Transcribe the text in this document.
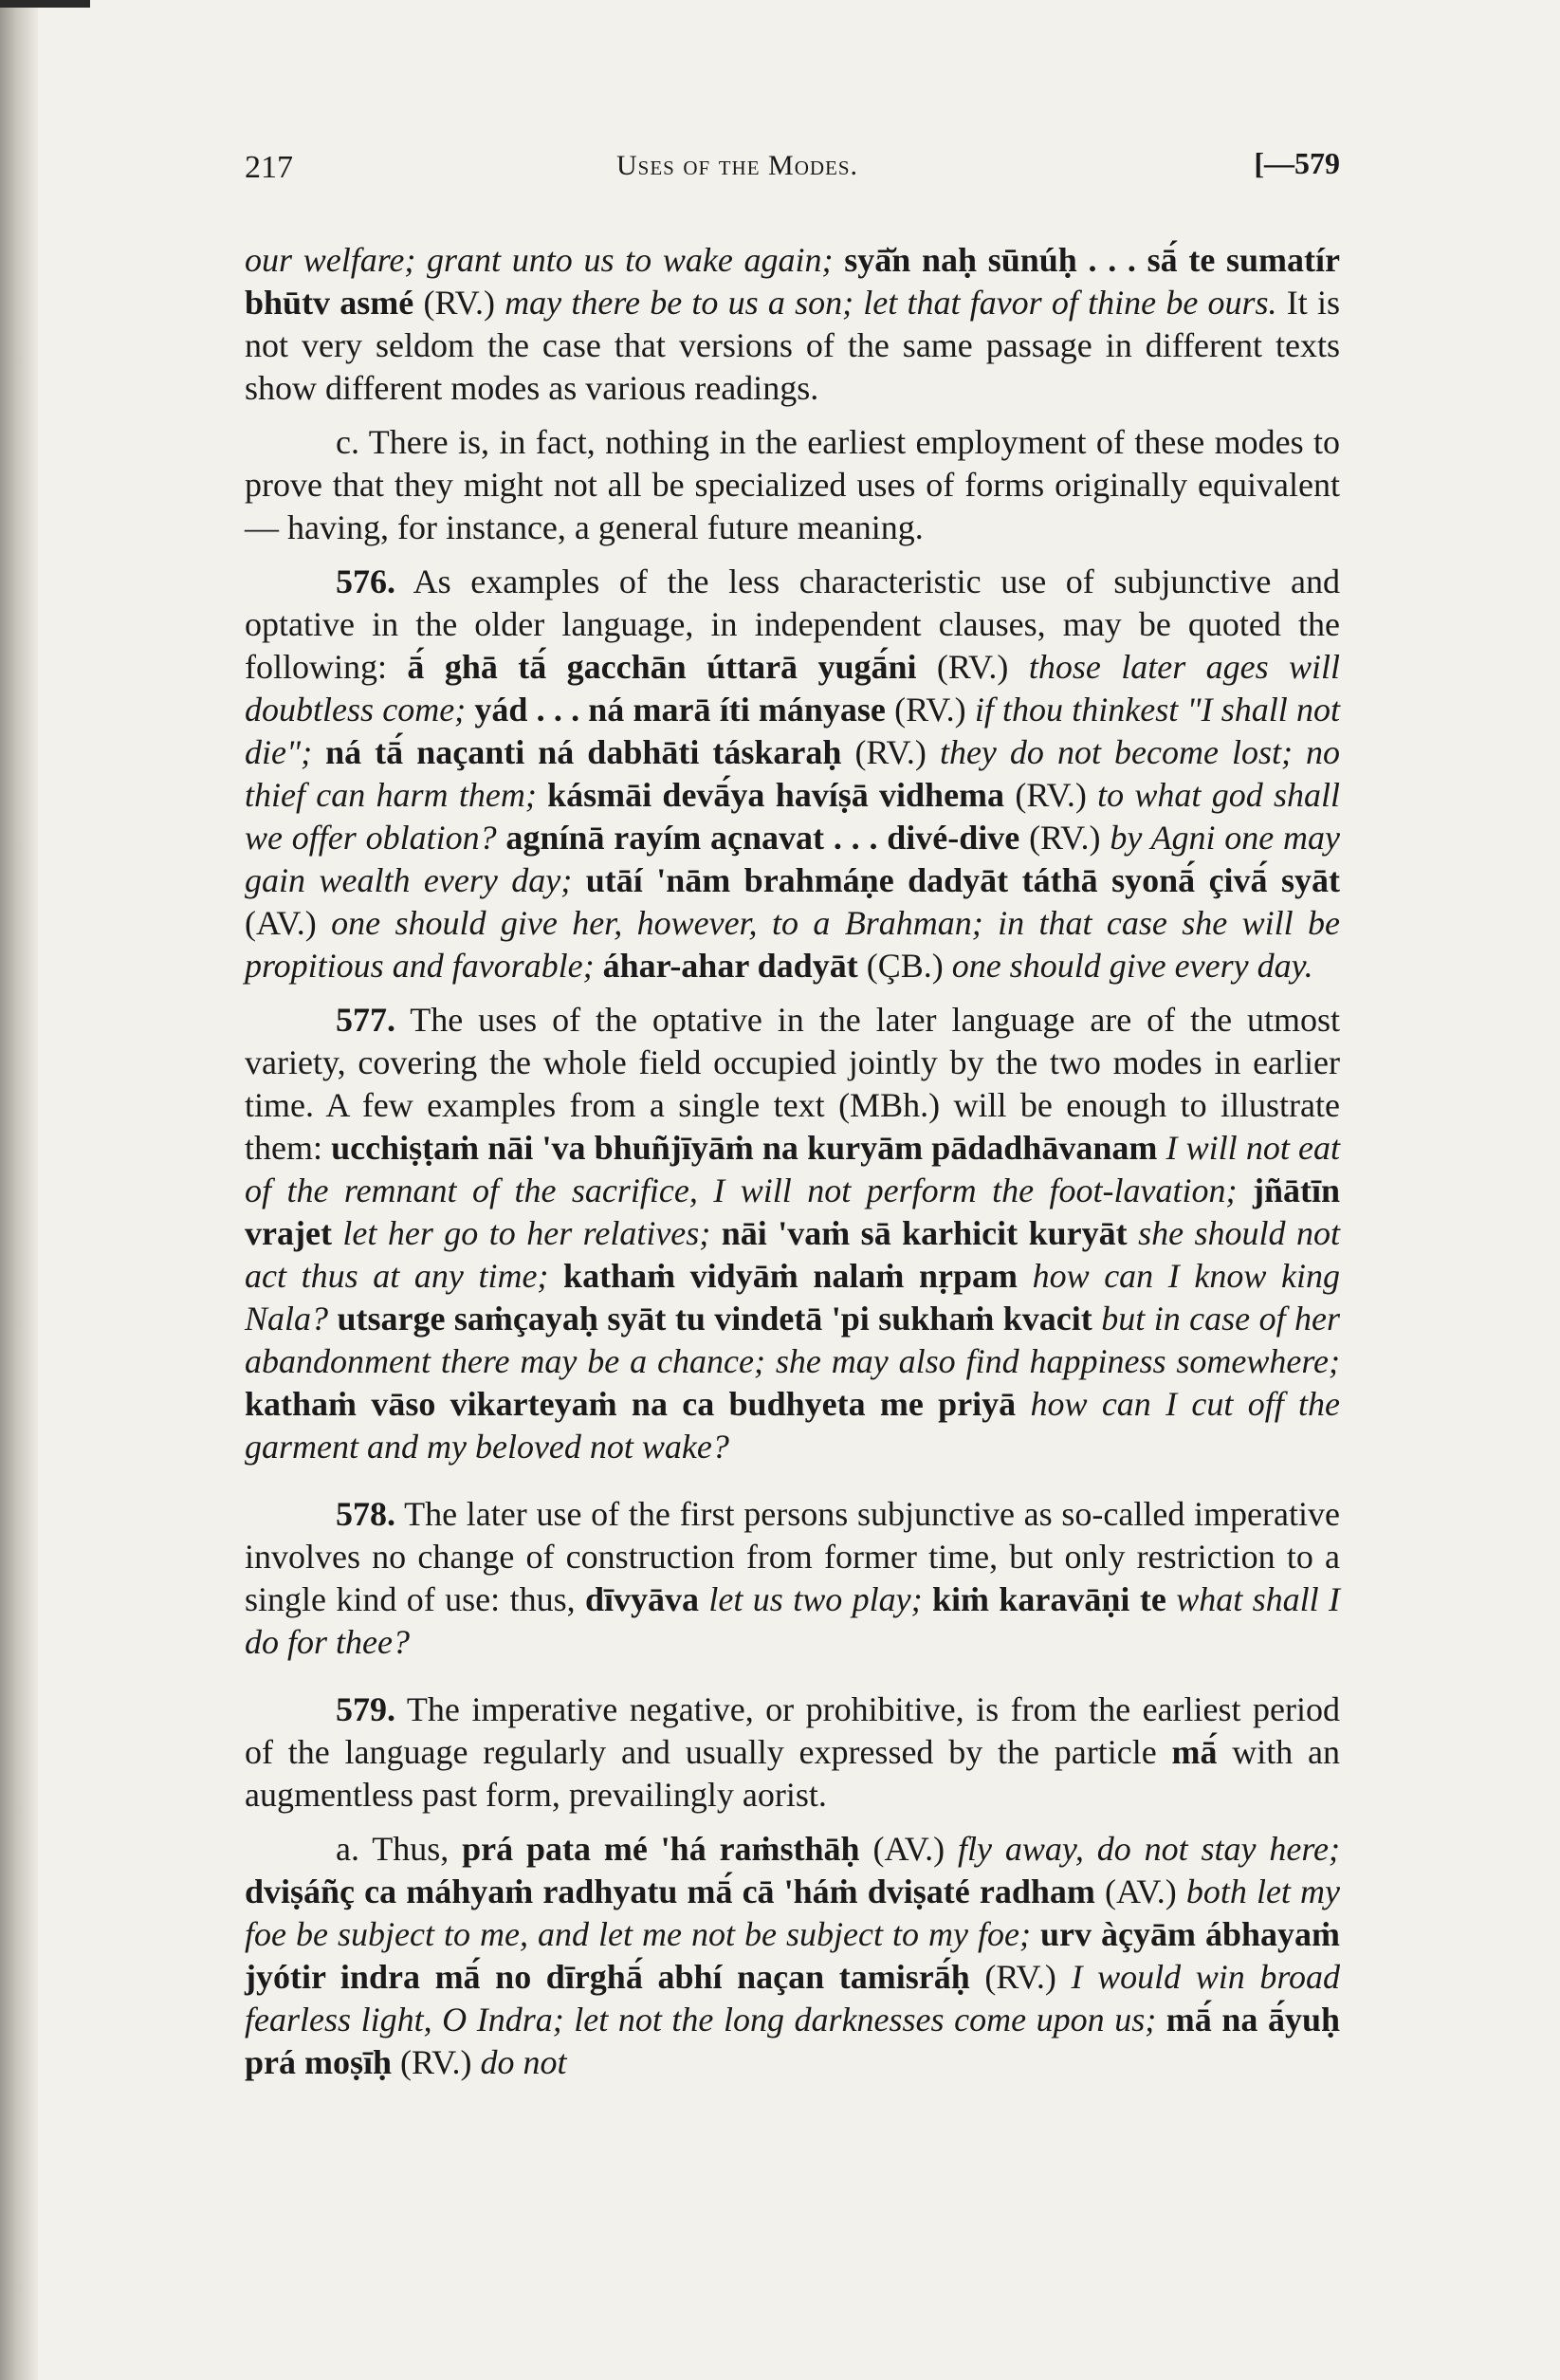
217	Uses of the Modes.	[—579

our welfare; grant unto us to wake again; syā̆n naḥ sūnúḥ . . . sā́ te sumatír bhūtv asmé (RV.) may there be to us a son; let that favor of thine be ours. It is not very seldom the case that versions of the same passage in different texts show different modes as various readings.

c. There is, in fact, nothing in the earliest employment of these modes to prove that they might not all be specialized uses of forms originally equivalent — having, for instance, a general future meaning.

576. As examples of the less characteristic use of subjunctive and optative in the older language, in independent clauses, may be quoted the following: ā́ ghā tā́ gacchān úttarā yugā́ni (RV.) those later ages will doubtless come; yád . . . ná marā íti mányase (RV.) if thou thinkest "I shall not die"; ná tā́ naçanti ná dabhāti táskaraḥ (RV.) they do not become lost; no thief can harm them; kásmāi devā́ya havíṣā vidhema (RV.) to what god shall we offer oblation? agnínā rayím açnavat . . . divé-dive (RV.) by Agni one may gain wealth every day; utāí 'nām brahmáṇe dadyāt táthā syonā́ çivā́ syāt (AV.) one should give her, however, to a Brahman; in that case she will be propitious and favorable; áhar-ahar dadyāt (ÇB.) one should give every day.

577. The uses of the optative in the later language are of the utmost variety, covering the whole field occupied jointly by the two modes in earlier time. A few examples from a single text (MBh.) will be enough to illustrate them: ucchiṣṭaṁ nāi 'va bhuñjīyāṁ na kuryām pādadhāvanam I will not eat of the remnant of the sacrifice, I will not perform the foot-lavation; jñātīn vrajet let her go to her relatives; nāi 'vaṁ sā karhicit kuryāt she should not act thus at any time; kathaṁ vidyāṁ nalaṁ nṛpam how can I know king Nala? utsarge saṁçayaḥ syāt tu vindetā 'pi sukhaṁ kvacit but in case of her abandonment there may be a chance; she may also find happiness somewhere; kathaṁ vāso vikarteyaṁ na ca budhyeta me priyā how can I cut off the garment and my beloved not wake?

578. The later use of the first persons subjunctive as so-called imperative involves no change of construction from former time, but only restriction to a single kind of use: thus, dīvyāva let us two play; kiṁ karavāṇi te what shall I do for thee?

579. The imperative negative, or prohibitive, is from the earliest period of the language regularly and usually expressed by the particle mā́ with an augmentless past form, prevailingly aorist.

a. Thus, prá pata mé 'há raṁsthāḥ (AV.) fly away, do not stay here; dviṣáñç ca máhyaṁ radhyatu mā́ cā 'háṁ dviṣaté radham (AV.) both let my foe be subject to me, and let me not be subject to my foe; urv àçyām ábhayaṁ jyótir indra mā́ no dīrghā́ abhí naçan tamisrā́ḥ (RV.) I would win broad fearless light, O Indra; let not the long darknesses come upon us; mā́ na ā́yuḥ prá moṣīḥ (RV.) do not
